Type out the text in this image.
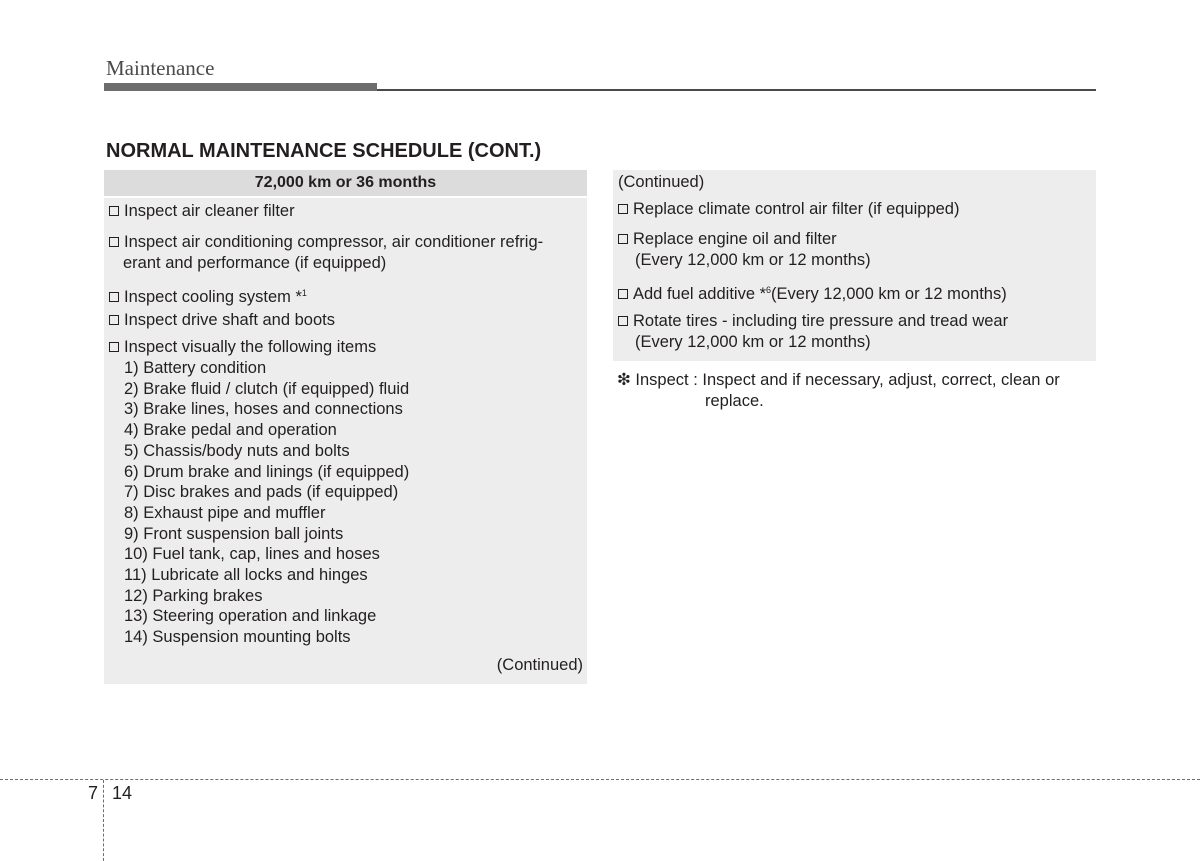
Maintenance
NORMAL MAINTENANCE SCHEDULE (CONT.)
72,000 km or 36 months
Inspect air cleaner filter
Inspect air conditioning compressor, air conditioner refrig-
erant and performance (if equipped)
Inspect cooling system *$^1$
Inspect drive shaft and boots
Inspect visually the following items
1) Battery condition
2) Brake fluid / clutch (if equipped) fluid
3) Brake lines, hoses and connections
4) Brake pedal and operation
5) Chassis/body nuts and bolts
6) Drum brake and linings (if equipped)
7) Disc brakes and pads (if equipped)
8) Exhaust pipe and muffler
9) Front suspension ball joints
10) Fuel tank, cap, lines and hoses
11) Lubricate all locks and hinges
12) Parking brakes
13) Steering operation and linkage
14) Suspension mounting bolts
(Continued)
(Continued)
Replace climate control air filter (if equipped)
Replace engine oil and filter
(Every 12,000 km or 12 months)
Add fuel additive *$^6$(Every 12,000 km or 12 months)
Rotate tires - including tire pressure and tread wear
(Every 12,000 km or 12 months)
❇ Inspect : Inspect and if necessary, adjust, correct, clean or
replace.
7 14
